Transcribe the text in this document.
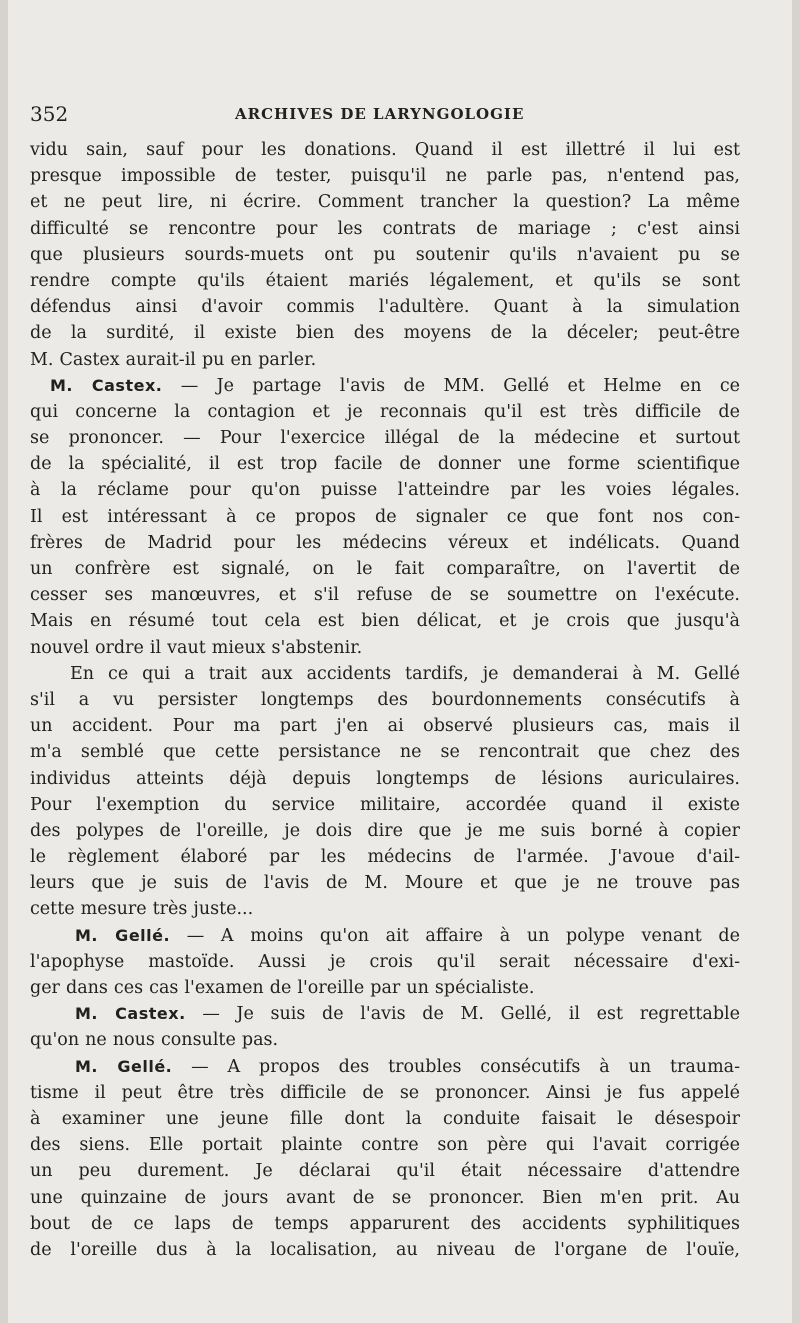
352	ARCHIVES DE LARYNGOLOGIE
vidu sain, sauf pour les donations. Quand il est illettré il lui est
presque impossible de tester, puisqu'il ne parle pas, n'entend pas,
et ne peut lire, ni écrire. Comment trancher la question? La même
difficulté se rencontre pour les contrats de mariage ; c'est ainsi
que plusieurs sourds-muets ont pu soutenir qu'ils n'avaient pu se
rendre compte qu'ils étaient mariés légalement, et qu'ils se sont
défendus ainsi d'avoir commis l'adultère. Quant à la simulation
de la surdité, il existe bien des moyens de la déceler; peut-être
M. Castex aurait-il pu en parler.
M. Castex. — Je partage l'avis de MM. Gellé et Helme en ce
qui concerne la contagion et je reconnais qu'il est très difficile de
se prononcer. — Pour l'exercice illégal de la médecine et surtout
de la spécialité, il est trop facile de donner une forme scientifique
à la réclame pour qu'on puisse l'atteindre par les voies légales.
Il est intéressant à ce propos de signaler ce que font nos con-
frères de Madrid pour les médecins véreux et indélicats. Quand
un confrère est signalé, on le fait comparaître, on l'avertit de
cesser ses manœuvres, et s'il refuse de se soumettre on l'exécute.
Mais en résumé tout cela est bien délicat, et je crois que jusqu'à
nouvel ordre il vaut mieux s'abstenir.
En ce qui a trait aux accidents tardifs, je demanderai à M. Gellé
s'il a vu persister longtemps des bourdonnements consécutifs à
un accident. Pour ma part j'en ai observé plusieurs cas, mais il
m'a semblé que cette persistance ne se rencontrait que chez des
individus atteints déjà depuis longtemps de lésions auriculaires.
Pour l'exemption du service militaire, accordée quand il existe
des polypes de l'oreille, je dois dire que je me suis borné à copier
le règlement élaboré par les médecins de l'armée. J'avoue d'ail-
leurs que je suis de l'avis de M. Moure et que je ne trouve pas
cette mesure très juste...
M. Gellé. — A moins qu'on ait affaire à un polype venant de
l'apophyse mastoïde. Aussi je crois qu'il serait nécessaire d'exi-
ger dans ces cas l'examen de l'oreille par un spécialiste.
M. Castex. — Je suis de l'avis de M. Gellé, il est regrettable
qu'on ne nous consulte pas.
M. Gellé. — A propos des troubles consécutifs à un trauma-
tisme il peut être très difficile de se prononcer. Ainsi je fus appelé
à examiner une jeune fille dont la conduite faisait le désespoir
des siens. Elle portait plainte contre son père qui l'avait corrigée
un peu durement. Je déclarai qu'il était nécessaire d'attendre
une quinzaine de jours avant de se prononcer. Bien m'en prit. Au
bout de ce laps de temps apparurent des accidents syphilitiques
de l'oreille dus à la localisation, au niveau de l'organe de l'ouïe,
